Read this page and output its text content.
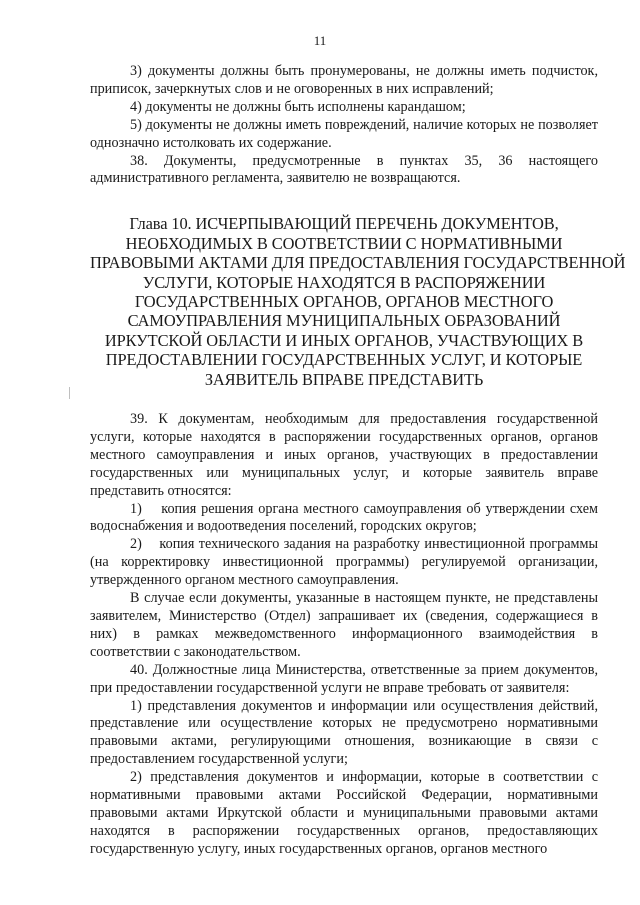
11

3) документы должны быть пронумерованы, не должны иметь подчисток, приписок, зачеркнутых слов и не оговоренных в них исправлений;

4) документы не должны быть исполнены карандашом;

5) документы не должны иметь повреждений, наличие которых не позволяет однозначно истолковать их содержание.

38. Документы, предусмотренные в пунктах 35, 36 настоящего административного регламента, заявителю не возвращаются.

Глава 10. ИСЧЕРПЫВАЮЩИЙ ПЕРЕЧЕНЬ ДОКУМЕНТОВ,
НЕОБХОДИМЫХ В СООТВЕТСТВИИ С НОРМАТИВНЫМИ
ПРАВОВЫМИ АКТАМИ ДЛЯ ПРЕДОСТАВЛЕНИЯ ГОСУДАРСТВЕННОЙ
УСЛУГИ, КОТОРЫЕ НАХОДЯТСЯ В РАСПОРЯЖЕНИИ
ГОСУДАРСТВЕННЫХ ОРГАНОВ, ОРГАНОВ МЕСТНОГО
САМОУПРАВЛЕНИЯ МУНИЦИПАЛЬНЫХ ОБРАЗОВАНИЙ
ИРКУТСКОЙ ОБЛАСТИ И ИНЫХ ОРГАНОВ, УЧАСТВУЮЩИХ В
ПРЕДОСТАВЛЕНИИ ГОСУДАРСТВЕННЫХ УСЛУГ, И КОТОРЫЕ
ЗАЯВИТЕЛЬ ВПРАВЕ ПРЕДСТАВИТЬ

39. К документам, необходимым для предоставления государственной услуги, которые находятся в распоряжении государственных органов, органов местного самоуправления и иных органов, участвующих в предоставлении государственных или муниципальных услуг, и которые заявитель вправе представить относятся:

1)    копия решения органа местного самоуправления об утверждении схем водоснабжения и водоотведения поселений, городских округов;

2)    копия технического задания на разработку инвестиционной программы (на корректировку инвестиционной программы) регулируемой организации, утвержденного органом местного самоуправления.

В случае если документы, указанные в настоящем пункте, не представлены заявителем, Министерство (Отдел) запрашивает их (сведения, содержащиеся в них) в рамках межведомственного информационного взаимодействия в соответствии с законодательством.

40. Должностные лица Министерства, ответственные за прием документов, при предоставлении государственной услуги не вправе требовать от заявителя:

1) представления документов и информации или осуществления действий, представление или осуществление которых не предусмотрено нормативными правовыми актами, регулирующими отношения, возникающие в связи с предоставлением государственной услуги;

2) представления документов и информации, которые в соответствии с нормативными правовыми актами Российской Федерации, нормативными правовыми актами Иркутской области и муниципальными правовыми актами находятся в распоряжении государственных органов, предоставляющих государственную услугу, иных государственных органов, органов местного
